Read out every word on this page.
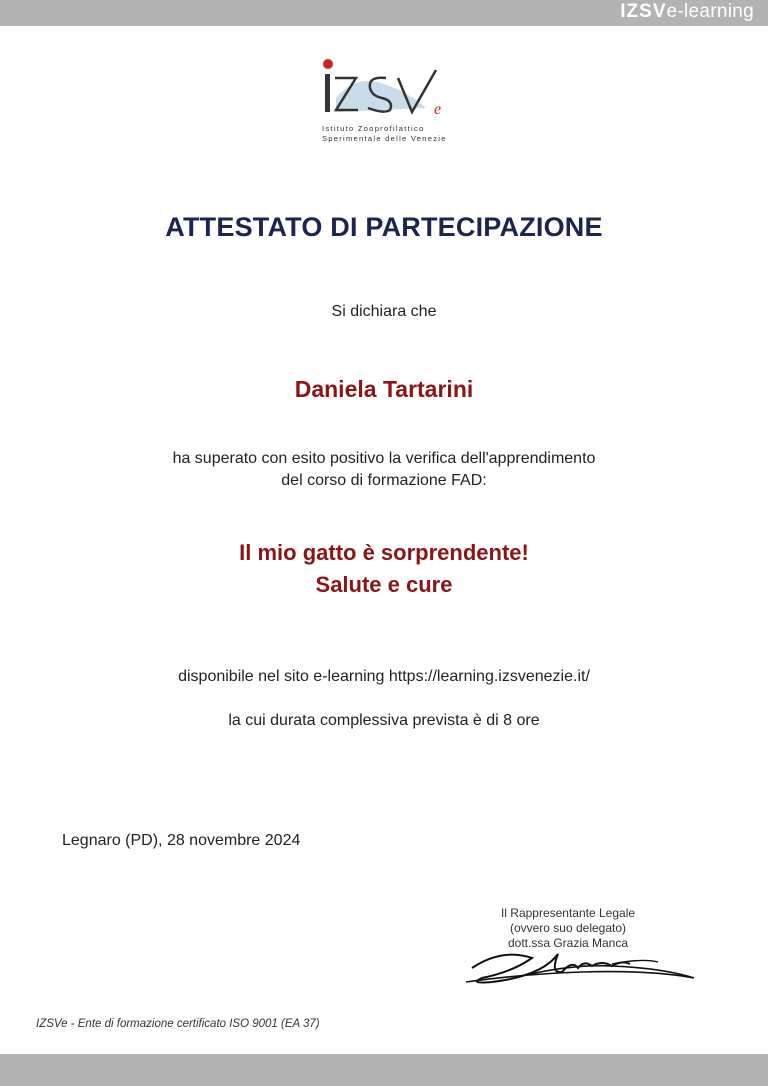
IZSVe-learning
e
Istituto Zooprofilattico
Sperimentale delle Venezie
ATTESTATO DI PARTECIPAZIONE
Si dichiara che
Daniela Tartarini
ha superato con esito positivo la verifica dell'apprendimento
del corso di formazione FAD:
Il mio gatto è sorprendente!
Salute e cure
disponibile nel sito e-learning https://learning.izsvenezie.it/
la cui durata complessiva prevista è di 8 ore
Legnaro (PD), 28 novembre 2024
Il Rappresentante Legale
(ovvero suo delegato)
dott.ssa Grazia Manca
IZSVe - Ente di formazione certificato ISO 9001 (EA 37)
